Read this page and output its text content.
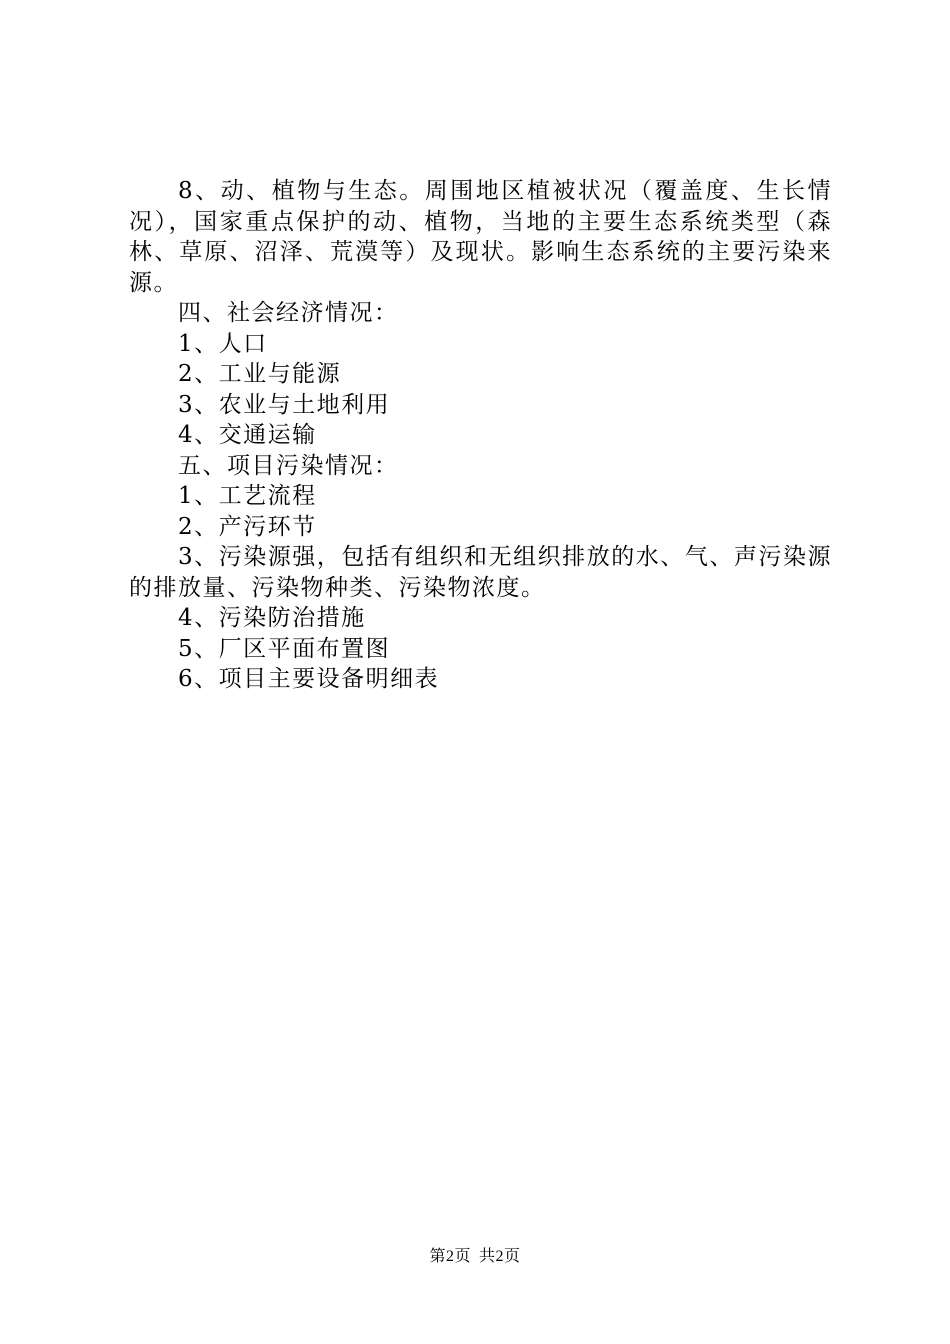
8、动、植物与生态。周围地区植被状况（覆盖度、生长情况），国家重点保护的动、植物，当地的主要生态系统类型（森林、草原、沼泽、荒漠等）及现状。影响生态系统的主要污染来源。

四、社会经济情况：

1、人口

2、工业与能源

3、农业与土地利用

4、交通运输

五、项目污染情况：

1、工艺流程

2、产污环节

3、污染源强，包括有组织和无组织排放的水、气、声污染源的排放量、污染物种类、污染物浓度。

4、污染防治措施

5、厂区平面布置图

6、项目主要设备明细表

第2页 共2页
